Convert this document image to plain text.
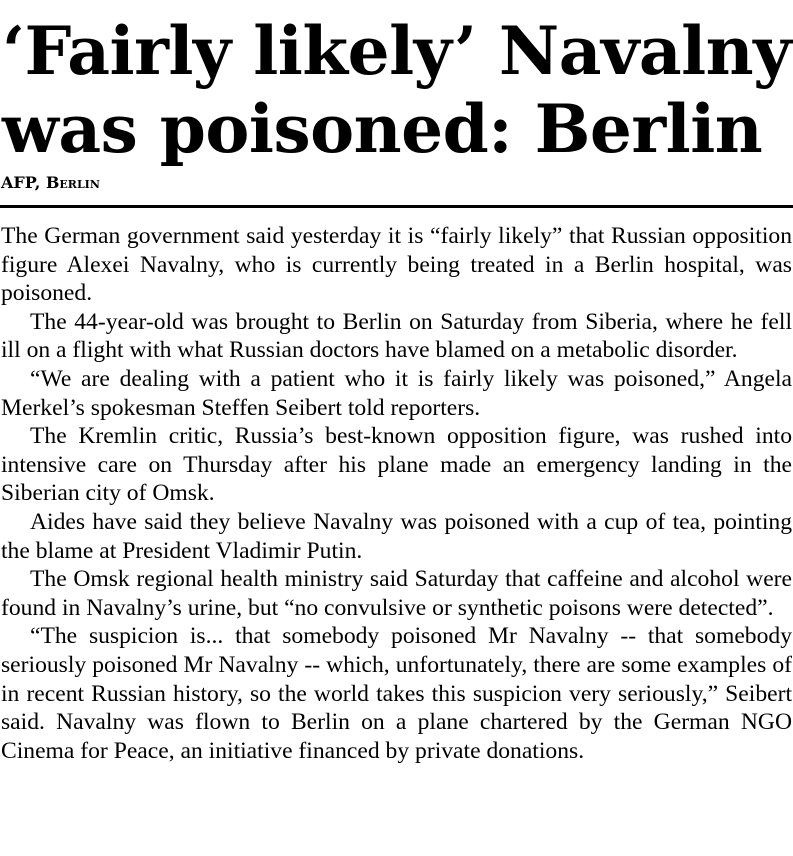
‘Fairly likely’ Navalny
was poisoned: Berlin
AFP, Berlin

The German government said yesterday it is “fairly likely” that Russian opposition figure Alexei Navalny, who is currently being treated in a Berlin hospital, was poisoned.

The 44-year-old was brought to Berlin on Saturday from Siberia, where he fell ill on a flight with what Russian doctors have blamed on a metabolic disorder.

“We are dealing with a patient who it is fairly likely was poisoned,” Angela Merkel’s spokesman Steffen Seibert told reporters.

The Kremlin critic, Russia’s best-known opposition figure, was rushed into intensive care on Thursday after his plane made an emergency landing in the Siberian city of Omsk.

Aides have said they believe Navalny was poisoned with a cup of tea, pointing the blame at President Vladimir Putin.

The Omsk regional health ministry said Saturday that caffeine and alcohol were found in Navalny’s urine, but “no convulsive or synthetic poisons were detected”.

“The suspicion is... that somebody poisoned Mr Navalny -- that somebody seriously poisoned Mr Navalny -- which, unfortunately, there are some examples of in recent Russian history, so the world takes this suspicion very seriously,” Seibert said. Navalny was flown to Berlin on a plane chartered by the German NGO Cinema for Peace, an initiative financed by private donations.
